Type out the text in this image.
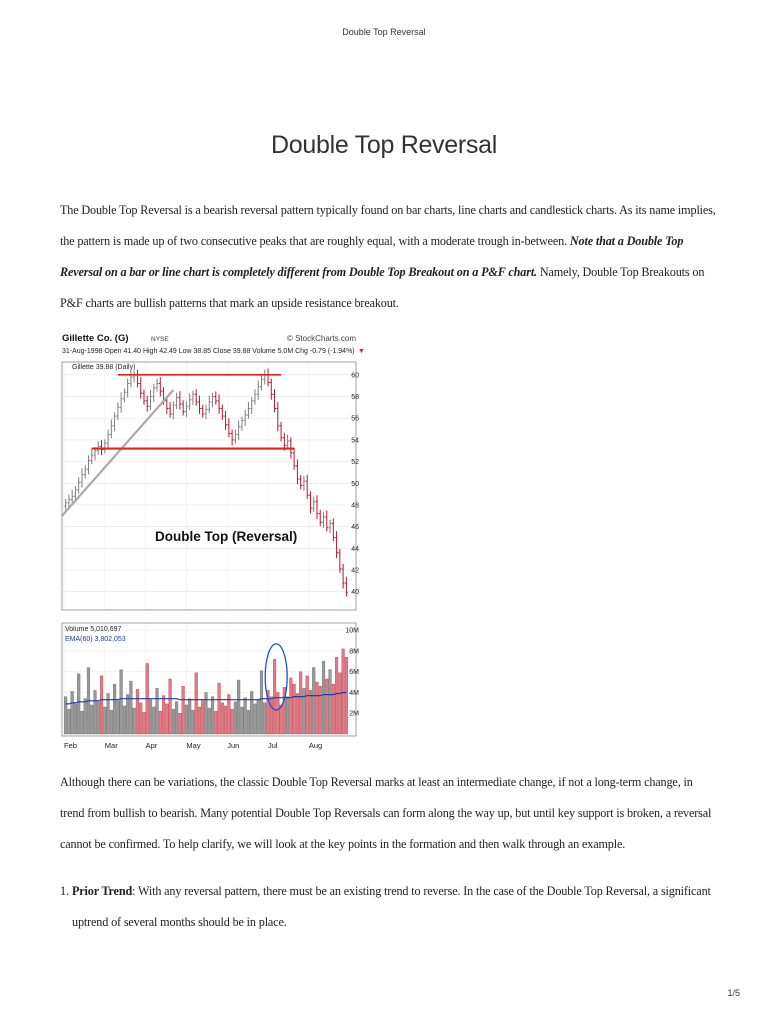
Double Top Reversal
Double Top Reversal

The Double Top Reversal is a bearish reversal pattern typically found on bar charts, line charts and candlestick charts. As its name implies, the pattern is made up of two consecutive peaks that are roughly equal, with a moderate trough in-between. Note that a Double Top Reversal on a bar or line chart is completely different from Double Top Breakout on a P&F chart. Namely, Double Top Breakouts on P&F charts are bullish patterns that mark an upside resistance breakout.

Gillette Co. (G)	NYSE	© StockCharts.com
31-Aug-1998 Open 41.40 High 42.49 Low 38.85 Close 39.88 Volume 5.0M Chg -0.79 (-1.94%) ▼
Gillette 39.88 (Daily)
Double Top (Reversal)
Volume 5,010,697
EMA(60) 3,802,053
60
58
56
54
52
50
48
46
44
42
40
10M
8M
6M
4M
2M
Feb	Mar	Apr	May	Jun	Jul	Aug

Although there can be variations, the classic Double Top Reversal marks at least an intermediate change, if not a long-term change, in trend from bullish to bearish. Many potential Double Top Reversals can form along the way up, but until key support is broken, a reversal cannot be confirmed. To help clarify, we will look at the key points in the formation and then walk through an example.

1. Prior Trend: With any reversal pattern, there must be an existing trend to reverse. In the case of the Double Top Reversal, a significant uptrend of several months should be in place.
1/5
